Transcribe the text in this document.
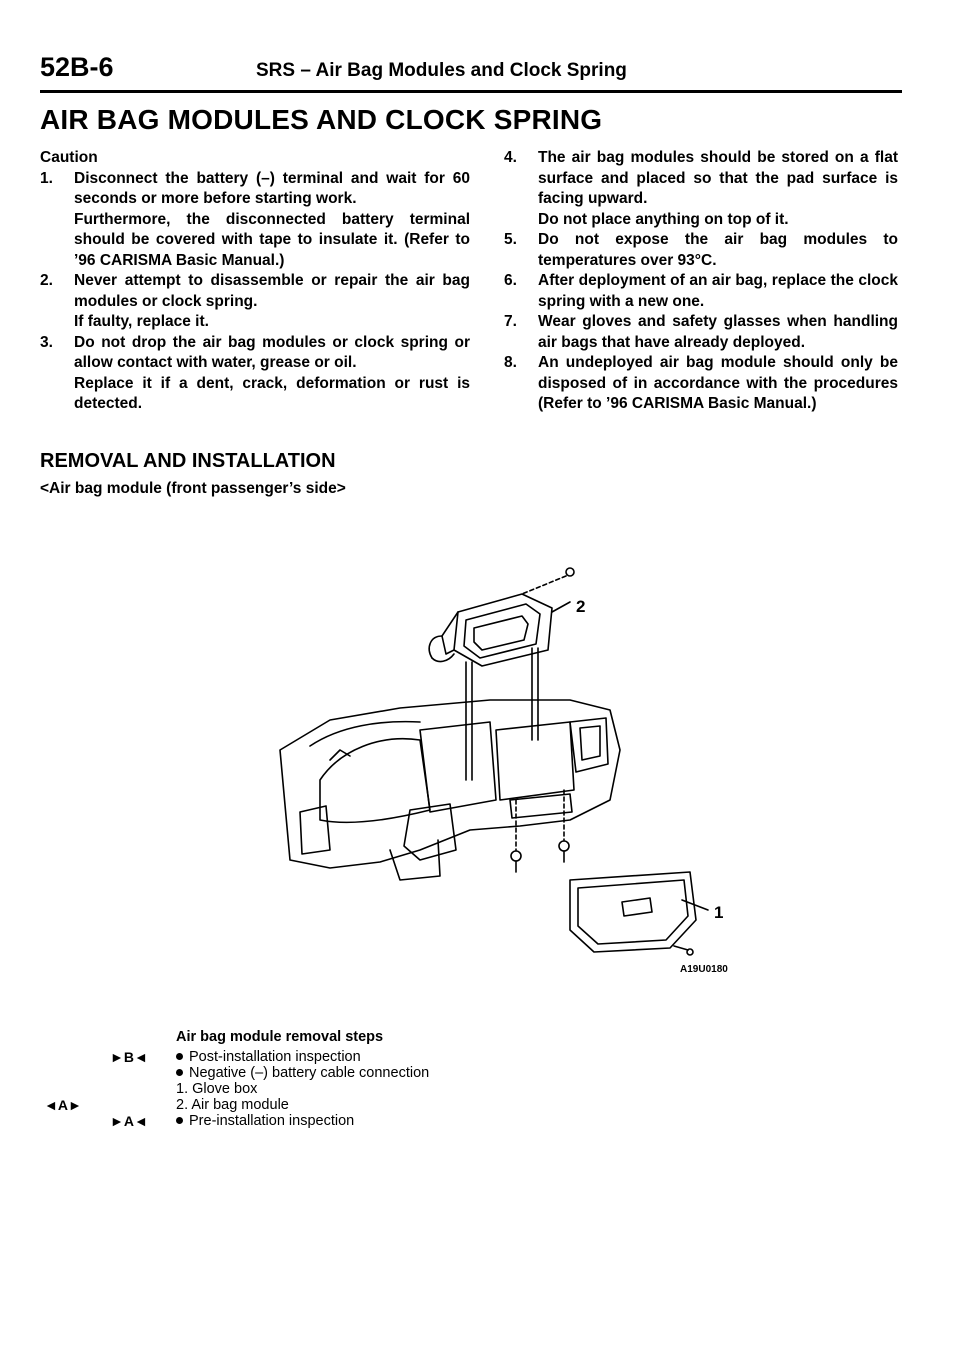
52B-6	SRS – Air Bag Modules and Clock Spring
AIR BAG MODULES AND CLOCK SPRING

Caution

1. Disconnect the battery (–) terminal and wait for 60 seconds or more before starting work.

Furthermore, the disconnected battery terminal should be covered with tape to insulate it. (Refer to ’96 CARISMA Basic Manual.)

2. Never attempt to disassemble or repair the air bag modules or clock spring.

If faulty, replace it.

3. Do not drop the air bag modules or clock spring or allow contact with water, grease or oil.

Replace it if a dent, crack, deformation or rust is detected.

4. The air bag modules should be stored on a flat surface and placed so that the pad surface is facing upward.

Do not place anything on top of it.

5. Do not expose the air bag modules to temperatures over 93°C.

6. After deployment of an air bag, replace the clock spring with a new one.

7. Wear gloves and safety glasses when handling air bags that have already deployed.

8. An undeployed air bag module should only be disposed of in accordance with the procedures (Refer to ’96 CARISMA Basic Manual.)

REMOVAL AND INSTALLATION
<Air bag module (front passenger’s side>
2
1
A19U0180
Air bag module removal steps
►B◄	Post-installation inspection
Negative (–) battery cable connection
1. Glove box
◄A►	2. Air bag module
►A◄	Pre-installation inspection
